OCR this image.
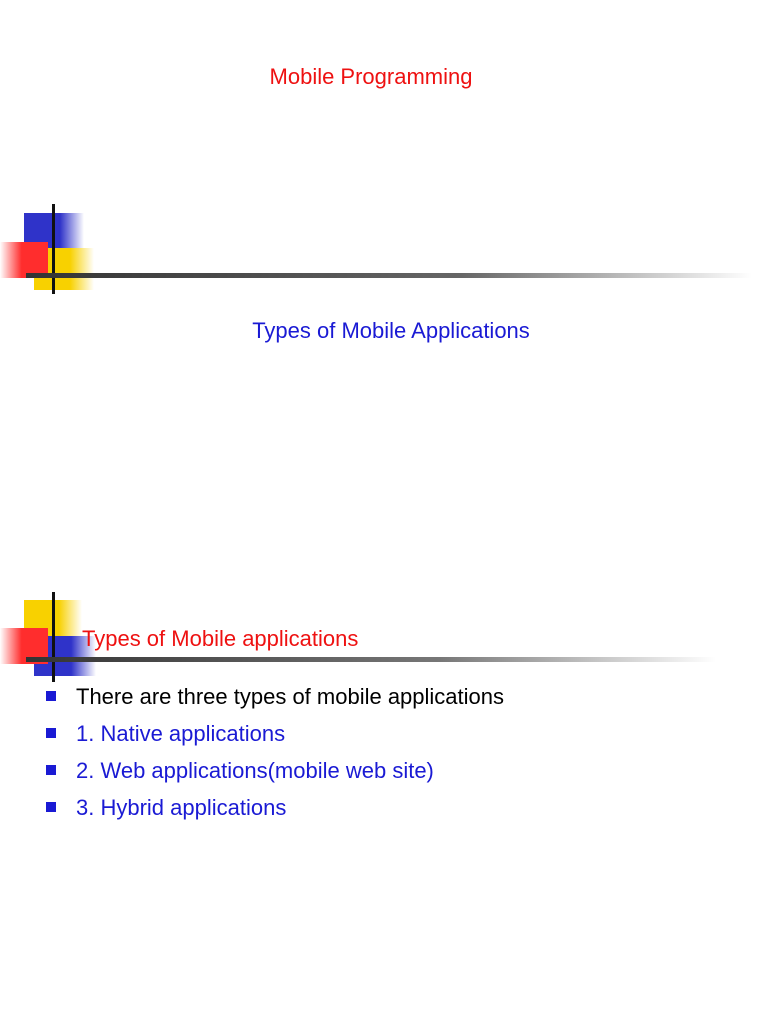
Mobile Programming
Types of Mobile Applications
Types of Mobile applications
There are three types of mobile applications
1. Native applications
2. Web applications(mobile web site)
3. Hybrid applications
